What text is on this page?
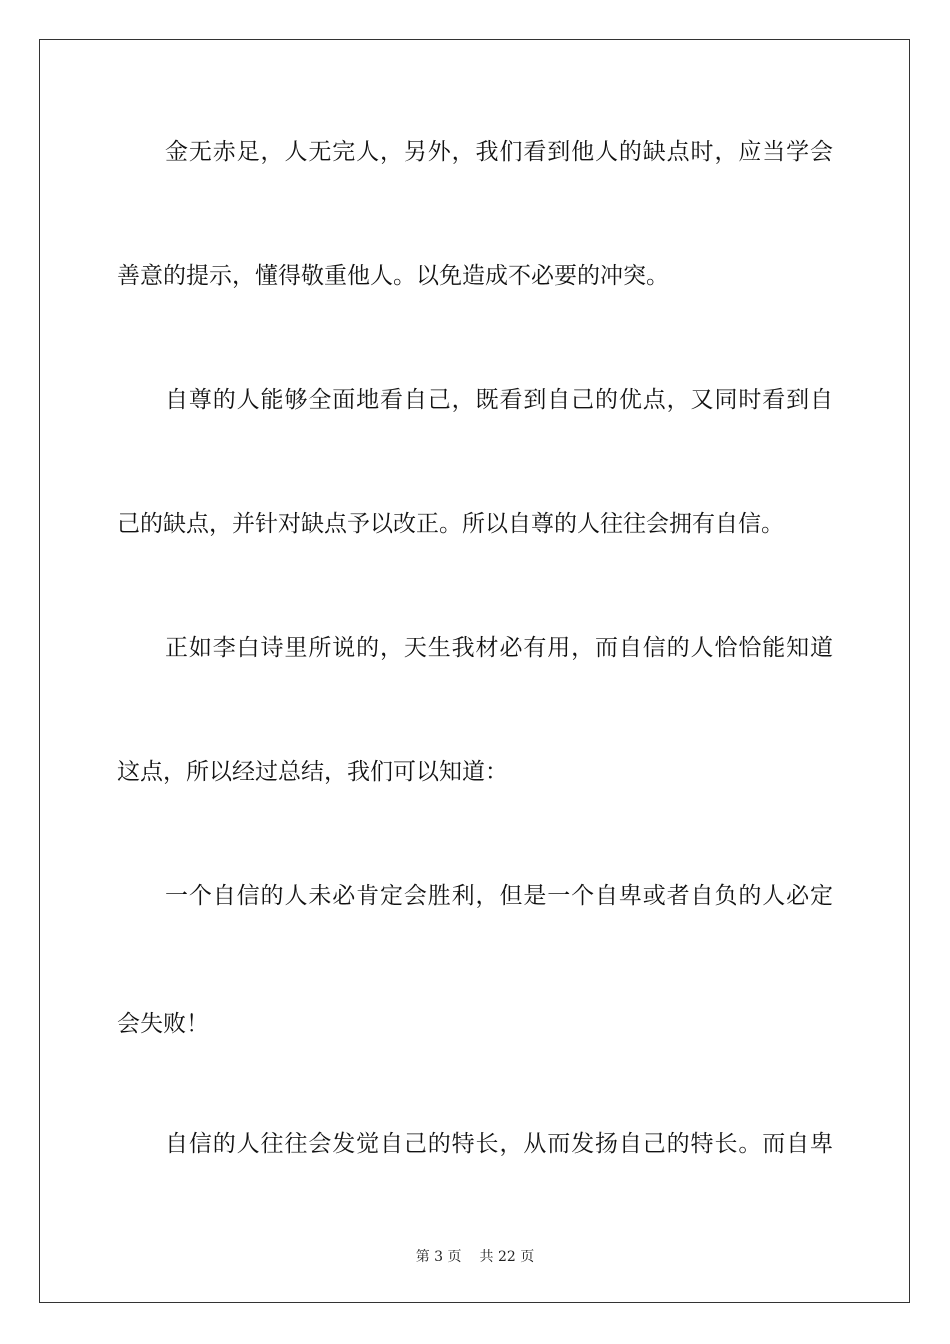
金无赤足，人无完人，另外，我们看到他人的缺点时，应当学会
善意的提示，懂得敬重他人。以免造成不必要的冲突。
自尊的人能够全面地看自己，既看到自己的优点，又同时看到自
己的缺点，并针对缺点予以改正。所以自尊的人往往会拥有自信。
正如李白诗里所说的，天生我材必有用，而自信的人恰恰能知道
这点，所以经过总结，我们可以知道：
一个自信的人未必肯定会胜利，但是一个自卑或者自负的人必定
会失败！
自信的人往往会发觉自己的特长，从而发扬自己的特长。而自卑
第 3 页 共 22 页
